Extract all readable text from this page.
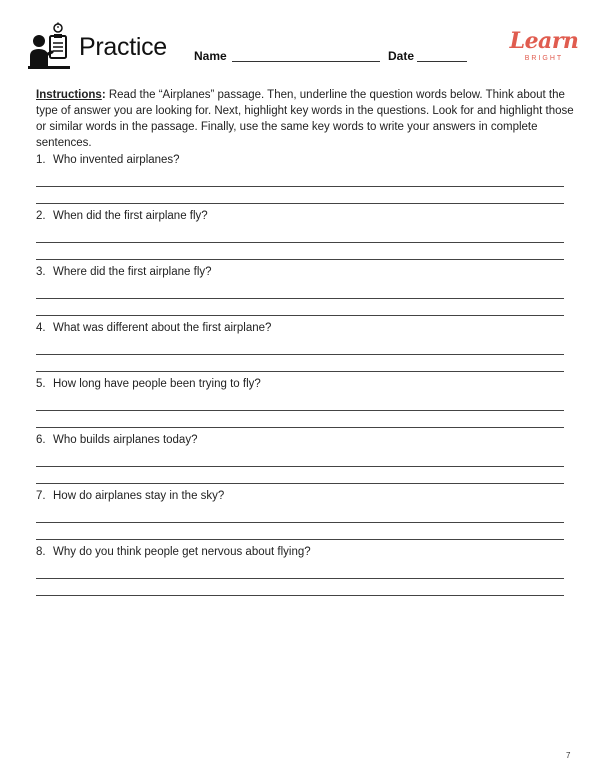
Practice Name	Date
Learn
BRIGHT
Instructions: Read the “Airplanes” passage. Then, underline the question words below. Think about the type of answer you are looking for. Next, highlight key words in the questions. Look for and highlight those or similar words in the passage. Finally, use the same key words to write your answers in complete sentences.
1. Who invented airplanes?
2. When did the first airplane fly?
3. Where did the first airplane fly?
4. What was different about the first airplane?
5. How long have people been trying to fly?
6. Who builds airplanes today?
7. How do airplanes stay in the sky?
8. Why do you think people get nervous about flying?
7
